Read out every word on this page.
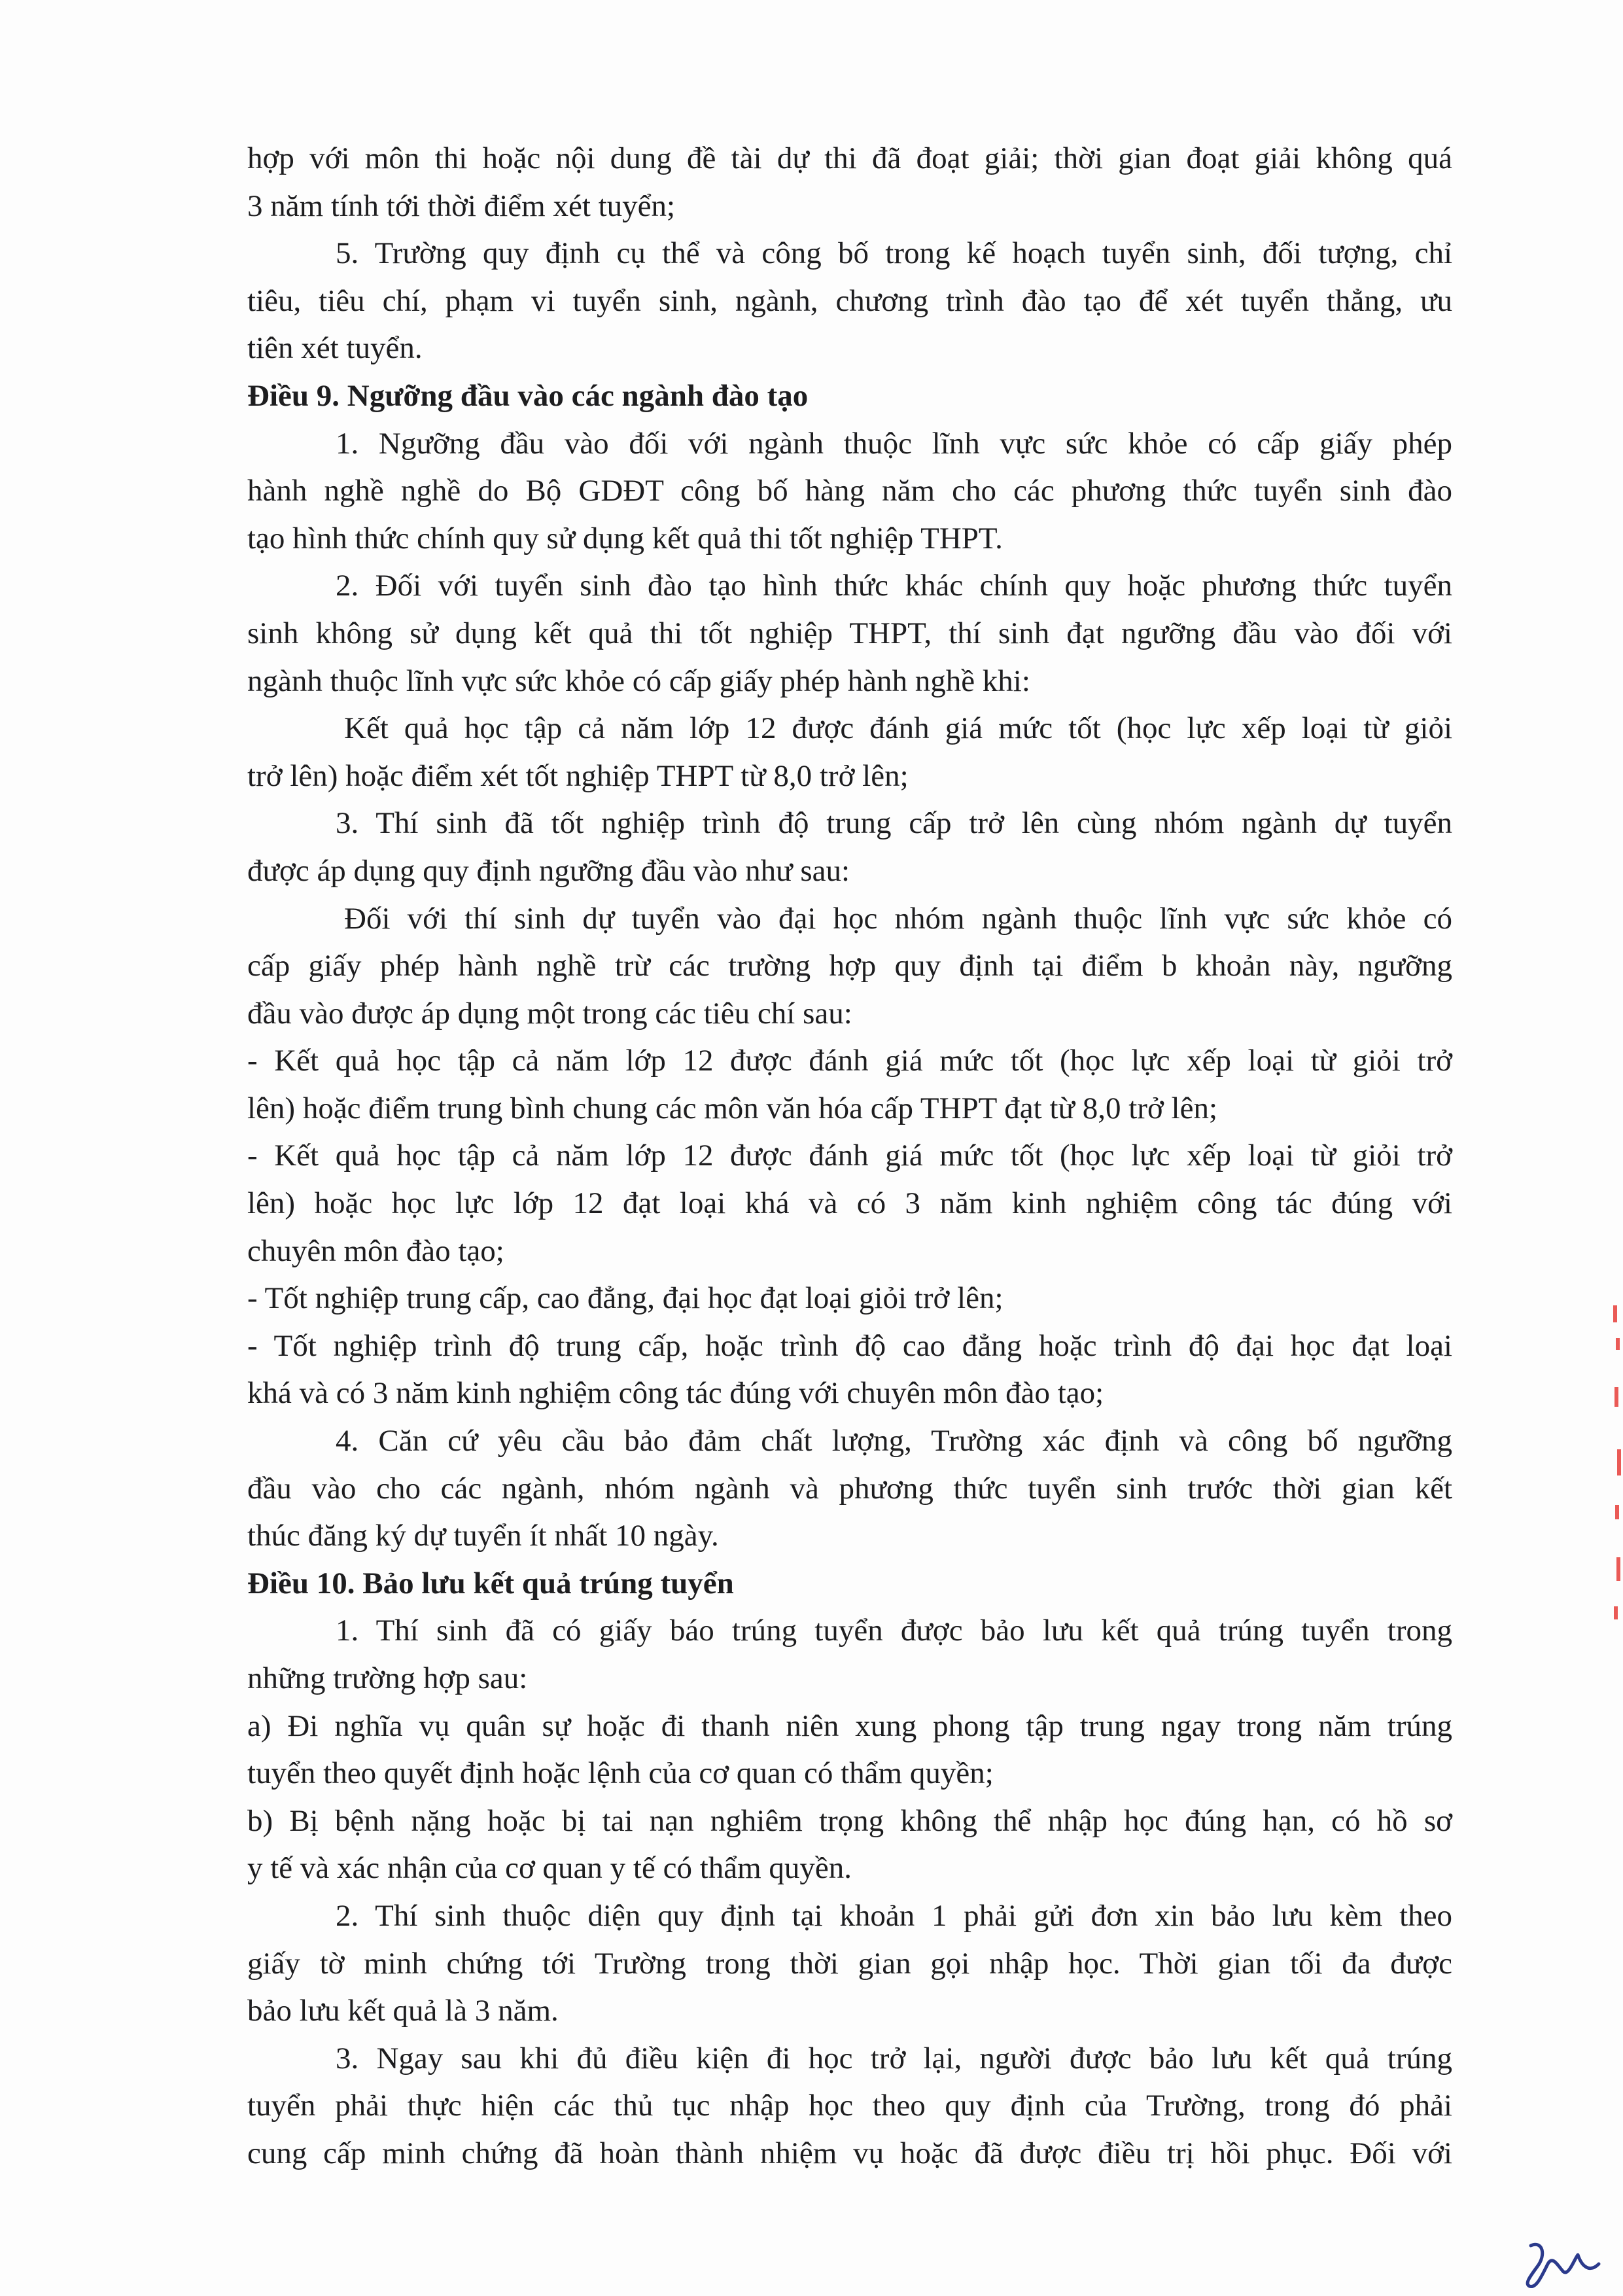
hợp với môn thi hoặc nội dung đề tài dự thi đã đoạt giải; thời gian đoạt giải không quá

3 năm tính tới thời điểm xét tuyển;

5. Trường quy định cụ thể và công bố trong kế hoạch tuyển sinh, đối tượng, chỉ

tiêu, tiêu chí, phạm vi tuyển sinh, ngành, chương trình đào tạo để xét tuyển thẳng, ưu

tiên xét tuyển.

Điều 9. Ngưỡng đầu vào các ngành đào tạo

1. Ngưỡng đầu vào đối với ngành thuộc lĩnh vực sức khỏe có cấp giấy phép

hành nghề nghề do Bộ GDĐT công bố hàng năm cho các phương thức tuyển sinh đào

tạo hình thức chính quy sử dụng kết quả thi tốt nghiệp THPT.

2. Đối với tuyển sinh đào tạo hình thức khác chính quy hoặc phương thức tuyển

sinh không sử dụng kết quả thi tốt nghiệp THPT, thí sinh đạt ngưỡng đầu vào đối với

ngành thuộc lĩnh vực sức khỏe có cấp giấy phép hành nghề khi:

Kết quả học tập cả năm lớp 12 được đánh giá mức tốt (học lực xếp loại từ giỏi

trở lên) hoặc điểm xét tốt nghiệp THPT từ 8,0 trở lên;

3. Thí sinh đã tốt nghiệp trình độ trung cấp trở lên cùng nhóm ngành dự tuyển

được áp dụng quy định ngưỡng đầu vào như sau:

Đối với thí sinh dự tuyển vào đại học nhóm ngành thuộc lĩnh vực sức khỏe có

cấp giấy phép hành nghề trừ các trường hợp quy định tại điểm b khoản này, ngưỡng

đầu vào được áp dụng một trong các tiêu chí sau:

- Kết quả học tập cả năm lớp 12 được đánh giá mức tốt (học lực xếp loại từ giỏi trở

lên) hoặc điểm trung bình chung các môn văn hóa cấp THPT đạt từ 8,0 trở lên;

- Kết quả học tập cả năm lớp 12 được đánh giá mức tốt (học lực xếp loại từ giỏi trở

lên) hoặc học lực lớp 12 đạt loại khá và có 3 năm kinh nghiệm công tác đúng với

chuyên môn đào tạo;

- Tốt nghiệp trung cấp, cao đẳng, đại học đạt loại giỏi trở lên;

- Tốt nghiệp trình độ trung cấp, hoặc trình độ cao đẳng hoặc trình độ đại học đạt loại

khá và có 3 năm kinh nghiệm công tác đúng với chuyên môn đào tạo;

4. Căn cứ yêu cầu bảo đảm chất lượng, Trường xác định và công bố ngưỡng

đầu vào cho các ngành, nhóm ngành và phương thức tuyển sinh trước thời gian kết

thúc đăng ký dự tuyển ít nhất 10 ngày.

Điều 10. Bảo lưu kết quả trúng tuyển

1. Thí sinh đã có giấy báo trúng tuyển được bảo lưu kết quả trúng tuyển trong

những trường hợp sau:

a) Đi nghĩa vụ quân sự hoặc đi thanh niên xung phong tập trung ngay trong năm trúng

tuyển theo quyết định hoặc lệnh của cơ quan có thẩm quyền;

b) Bị bệnh nặng hoặc bị tai nạn nghiêm trọng không thể nhập học đúng hạn, có hồ sơ

y tế và xác nhận của cơ quan y tế có thẩm quyền.

2. Thí sinh thuộc diện quy định tại khoản 1 phải gửi đơn xin bảo lưu kèm theo

giấy tờ minh chứng tới Trường trong thời gian gọi nhập học. Thời gian tối đa được

bảo lưu kết quả là 3 năm.

3. Ngay sau khi đủ điều kiện đi học trở lại, người được bảo lưu kết quả trúng

tuyển phải thực hiện các thủ tục nhập học theo quy định của Trường, trong đó phải

cung cấp minh chứng đã hoàn thành nhiệm vụ hoặc đã được điều trị hồi phục. Đối với
